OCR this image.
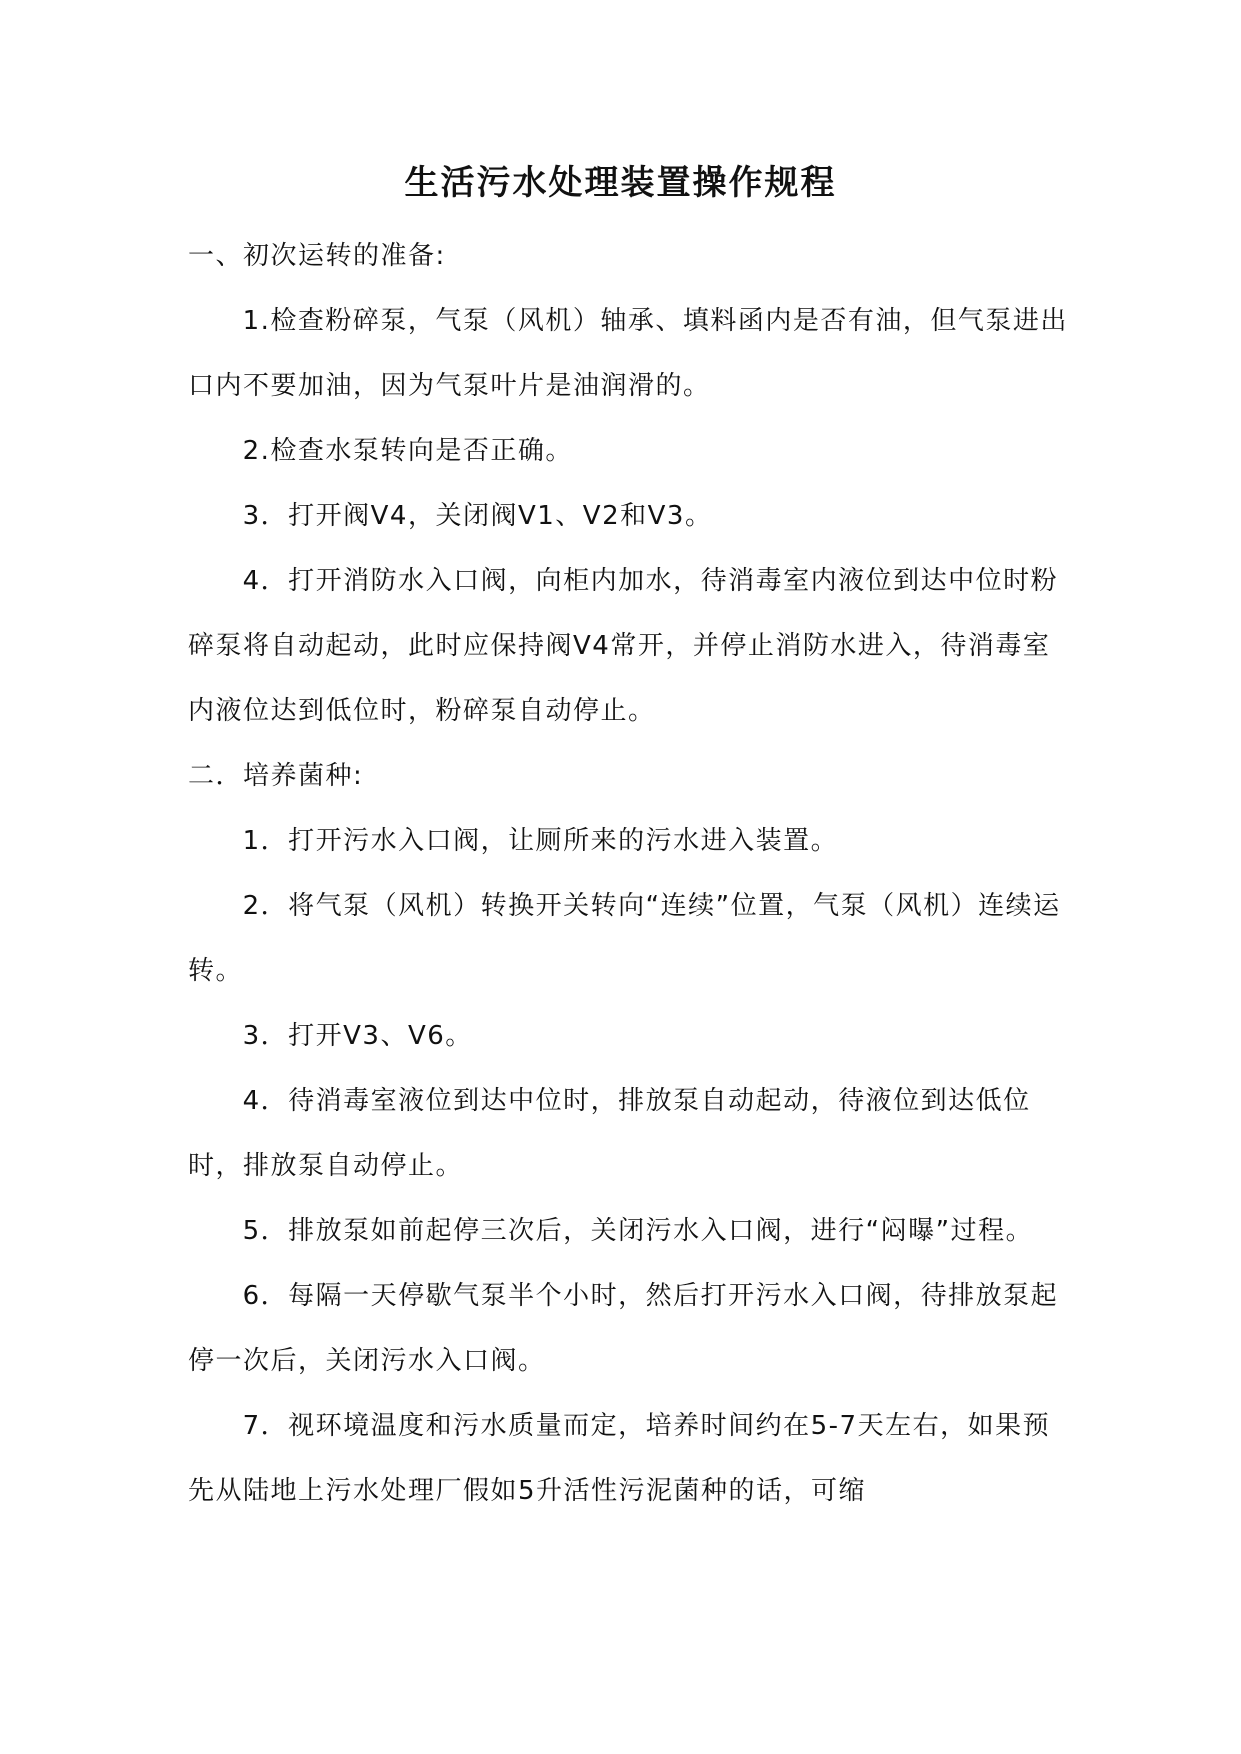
生活污水处理装置操作规程

一、初次运转的准备:

1.检查粉碎泵，气泵（风机）轴承、填料函内是否有油，但气泵进出口内不要加油，因为气泵叶片是油润滑的。

2.检查水泵转向是否正确。

3．打开阀V4，关闭阀V1、V2和V3。

4．打开消防水入口阀，向柜内加水，待消毒室内液位到达中位时粉碎泵将自动起动，此时应保持阀V4常开，并停止消防水进入，待消毒室内液位达到低位时，粉碎泵自动停止。

二．培养菌种:

1．打开污水入口阀，让厕所来的污水进入装置。

2．将气泵（风机）转换开关转向“连续”位置，气泵（风机）连续运转。

3．打开V3、V6。

4．待消毒室液位到达中位时，排放泵自动起动，待液位到达低位时，排放泵自动停止。

5．排放泵如前起停三次后，关闭污水入口阀，进行“闷曝”过程。

6．每隔一天停歇气泵半个小时，然后打开污水入口阀，待排放泵起停一次后，关闭污水入口阀。

7．视环境温度和污水质量而定，培养时间约在5-7天左右，如果预先从陆地上污水处理厂假如5升活性污泥菌种的话，可缩
